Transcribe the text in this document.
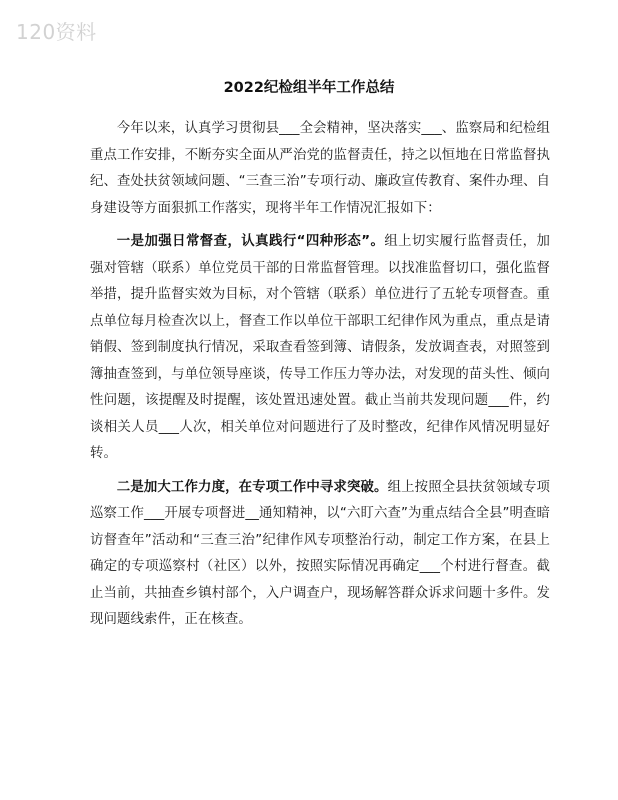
120资料
2022纪检组半年工作总结

今年以来，认真学习贯彻县___全会精神，坚决落实___、监察局和纪检组重点工作安排，不断夯实全面从严治党的监督责任，持之以恒地在日常监督执纪、查处扶贫领域问题、“三查三治”专项行动、廉政宣传教育、案件办理、自身建设等方面狠抓工作落实，现将半年工作情况汇报如下：

一是加强日常督查，认真践行“四种形态”。组上切实履行监督责任，加强对管辖（联系）单位党员干部的日常监督管理。以找准监督切口，强化监督举措，提升监督实效为目标，对个管辖（联系）单位进行了五轮专项督查。重点单位每月检查次以上，督查工作以单位干部职工纪律作风为重点，重点是请销假、签到制度执行情况，采取查看签到簿、请假条，发放调查表，对照签到簿抽查签到，与单位领导座谈，传导工作压力等办法，对发现的苗头性、倾向性问题，该提醒及时提醒，该处置迅速处置。截止当前共发现问题___件，约谈相关人员___人次，相关单位对问题进行了及时整改，纪律作风情况明显好转。

二是加大工作力度，在专项工作中寻求突破。组上按照全县扶贫领域专项巡察工作___开展专项督进__通知精神，以“六盯六查”为重点结合全县”明查暗访督查年”活动和“三查三治”纪律作风专项整治行动，制定工作方案，在县上确定的专项巡察村（社区）以外，按照实际情况再确定___个村进行督查。截止当前，共抽查乡镇村部个，入户调查户，现场解答群众诉求问题十多件。发现问题线索件，正在核查。
